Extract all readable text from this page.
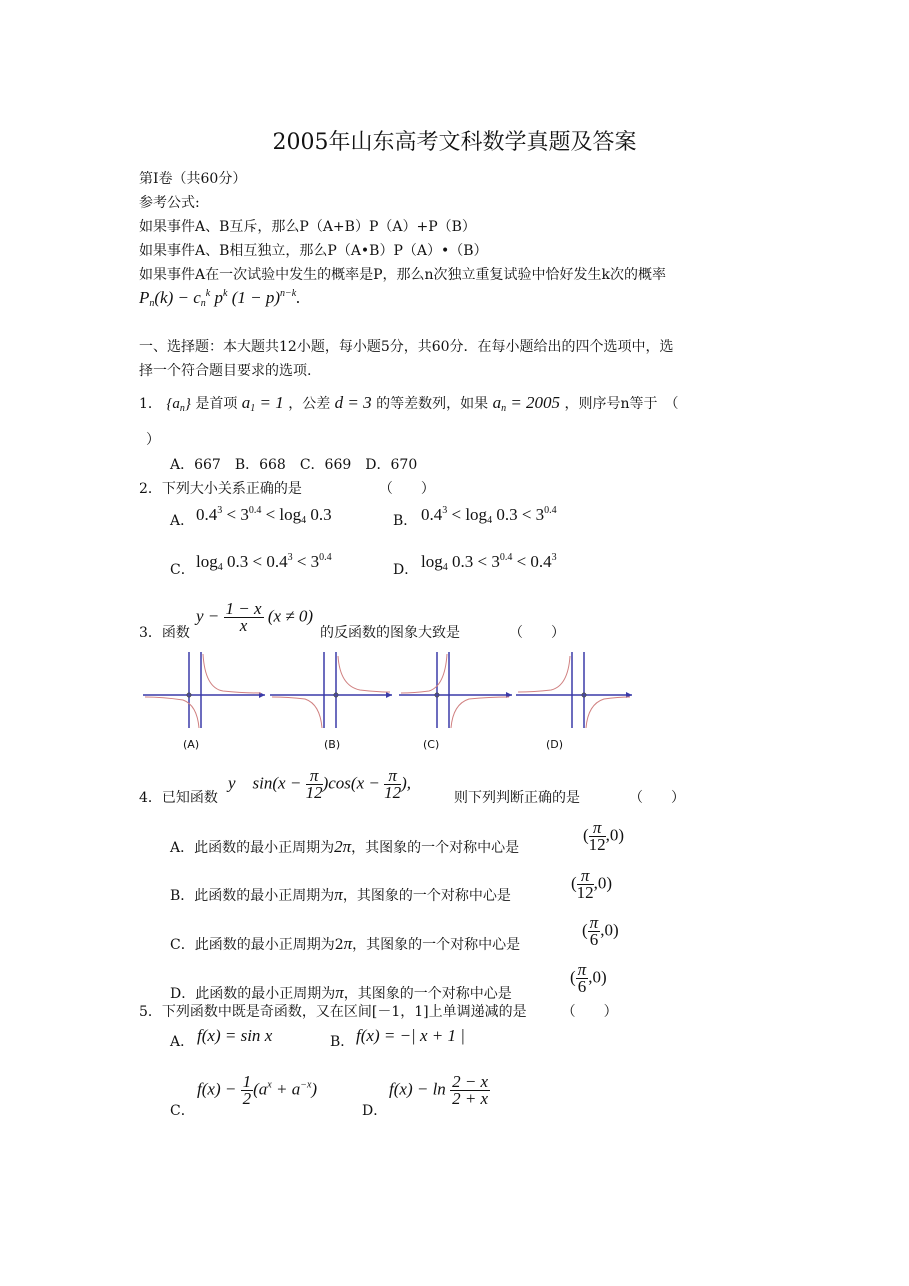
2005年山东高考文科数学真题及答案
第Ⅰ卷（共60分）
参考公式:
如果事件A、B互斥，那么P（A+B）P（A）+P（B）
如果事件A、B相互独立，那么P（A•B）P（A）•（B）
如果事件A在一次试验中发生的概率是P，那么n次独立重复试验中恰好发生k次的概率
$P_n(k) - c_n^k$ $p^k$ $(1 - p)^{n-k}$.
一、选择题：本大题共12小题，每小题5分，共60分．在每小题给出的四个选项中，选
择一个符合题目要求的选项.
1． $\{a_n\}$ 是首项 $a_1 = 1$ ，公差 d = 3 的等差数列，如果 $a_n = 2005$ ，则序号n等于　（
）
A．667　B．668　C．669　D．670
2．下列大小关系正确的是　　　　　　（　　）
A． $0.4^3 < 3^{0.4} < \log_4 0.3$	B． $0.4^3 < \log_4 0.3 < 3^{0.4}$
C． $\log_4 0.3 < 0.4^3 < 3^{0.4}$
D． $\log_4 0.3 < 3^{0.4} < 0.4^3$
3．函数
$y - \frac{1 - x}{x} (x \ne 0)$
的反函数的图象大致是　　　　（　　）
(A)	(B)	(C)	(D)
4．已知函数
y    $\sin(x - \frac{\pi}{12} )\cos(x - \frac{\pi}{12}$ ),
则下列判断正确的是　　　　（　　）
A．此函数的最小正周期为2π，其图象的一个对称中心是
( $\frac{\pi}{12} ,0$)
B．此函数的最小正周期为π，其图象的一个对称中心是
( $\frac{\pi}{12} ,0$)
C．此函数的最小正周期为2π，其图象的一个对称中心是
( $\frac{\pi}{6} ,0$)
D．此函数的最小正周期为π，其图象的一个对称中心是
( $\frac{\pi}{6} ,0$)
5．下列函数中既是奇函数，又在区间[－1，1]上单调递减的是　　　（　　）
A． f(x) = sin x	B． f(x) = −| x + 1 |
C．
$f(x) - \frac{1}{2} (a^x + a^{-x})$
D．
$f(x) - \ln \frac{2 - x}{2 + x}$
